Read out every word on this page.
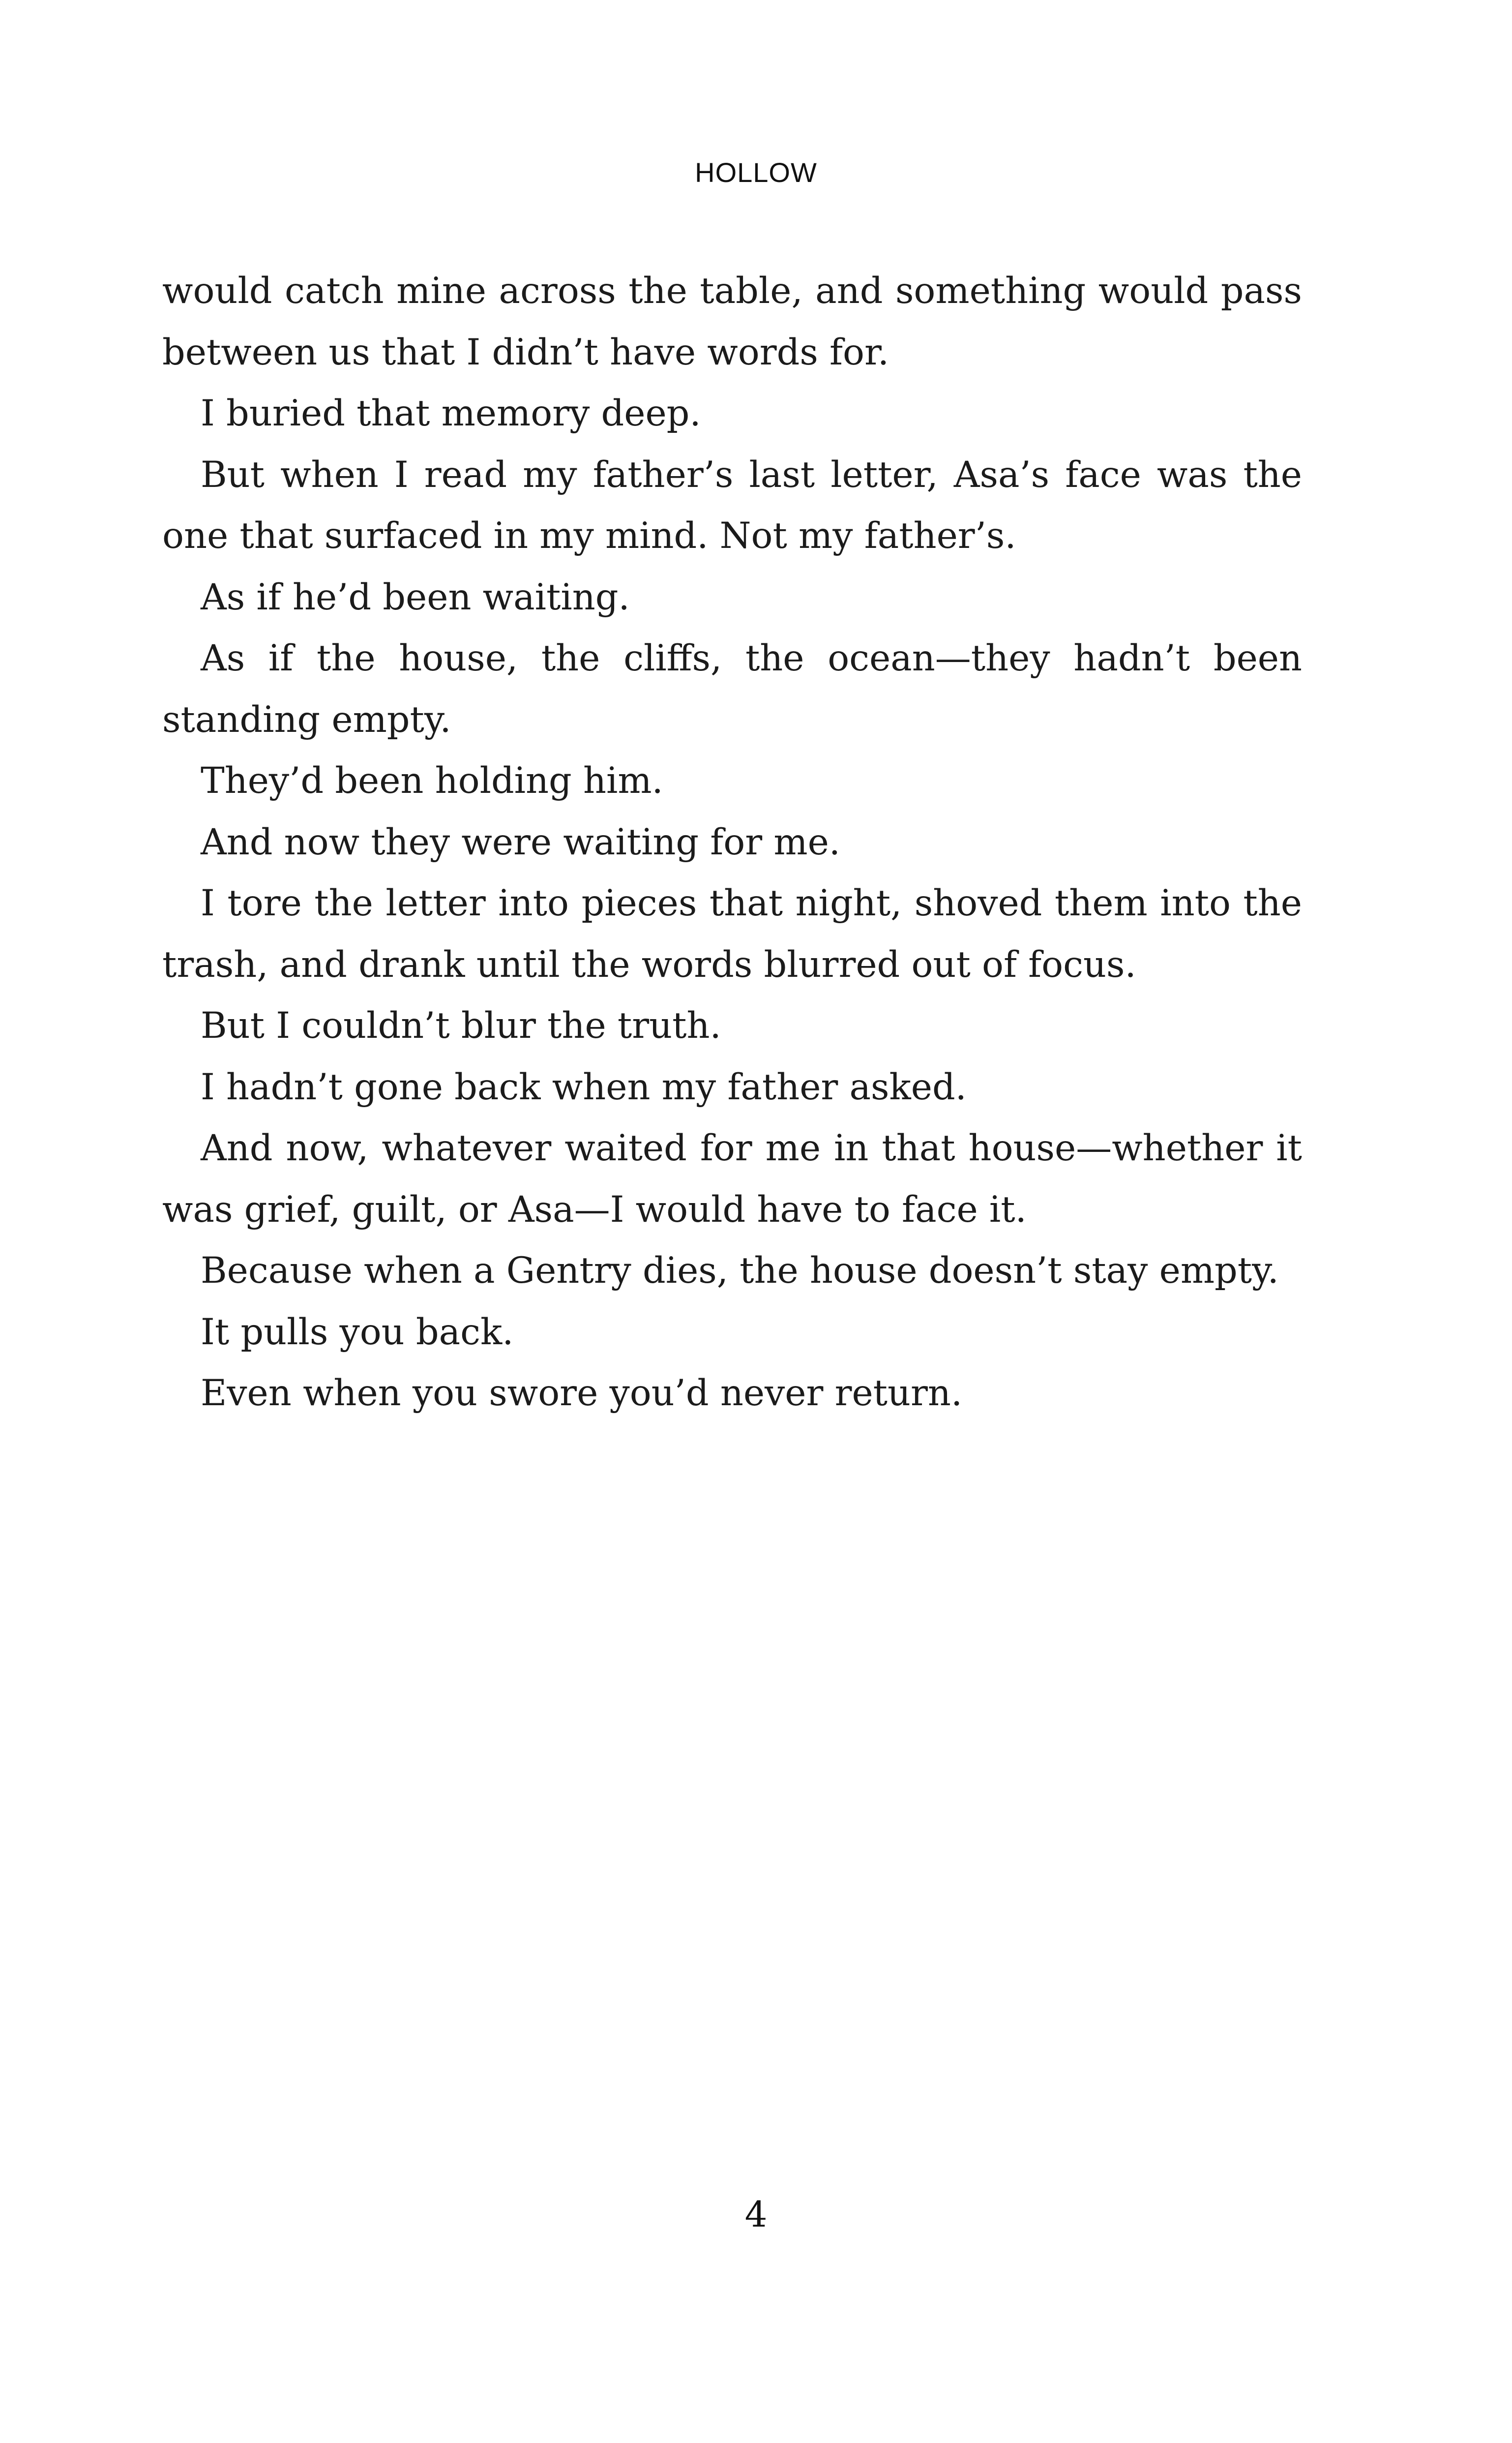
HOLLOW

would catch mine across the table, and something would pass between us that I didn’t have words for.

I buried that memory deep.

But when I read my father’s last letter, Asa’s face was the one that surfaced in my mind. Not my father’s.

As if he’d been waiting.

As if the house, the cliffs, the ocean—they hadn’t been standing empty.

They’d been holding him.

And now they were waiting for me.

I tore the letter into pieces that night, shoved them into the trash, and drank until the words blurred out of focus.

But I couldn’t blur the truth.

I hadn’t gone back when my father asked.

And now, whatever waited for me in that house—whether it was grief, guilt, or Asa—I would have to face it.

Because when a Gentry dies, the house doesn’t stay empty. It pulls you back.

Even when you swore you’d never return.

4
